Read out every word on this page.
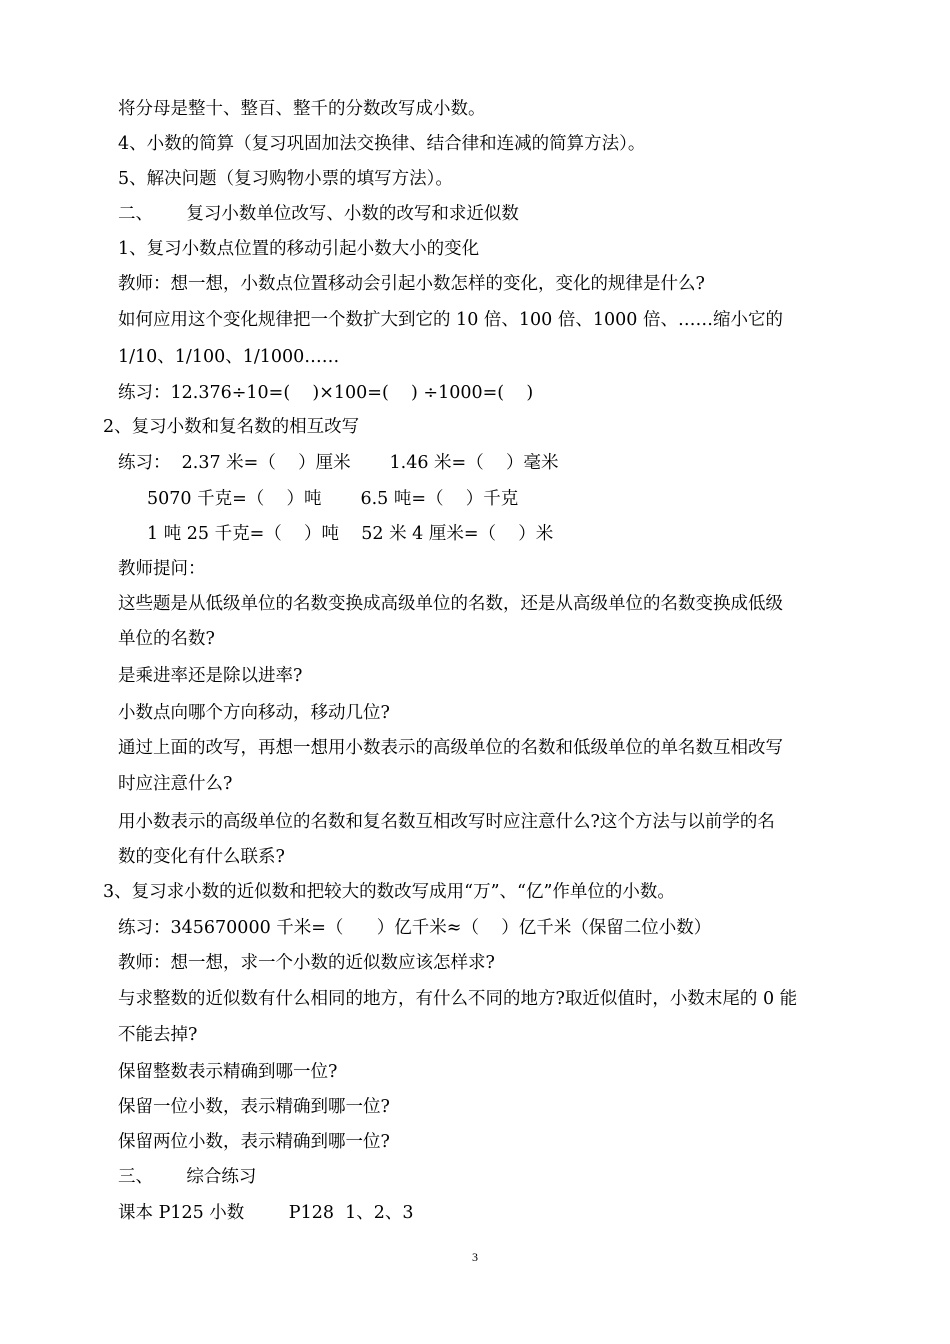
将分母是整十、整百、整千的分数改写成小数。
4、小数的简算（复习巩固加法交换律、结合律和连减的简算方法）。
5、解决问题（复习购物小票的填写方法）。
二、      复习小数单位改写、小数的改写和求近似数
1、复习小数点位置的移动引起小数大小的变化
教师：想一想，小数点位置移动会引起小数怎样的变化，变化的规律是什么?
如何应用这个变化规律把一个数扩大到它的 10 倍、100 倍、1000 倍、……缩小它的
1/10、1/100、1/1000……
练习：12.376÷10=(    )×100=(    ) ÷1000=(    )
2、复习小数和复名数的相互改写
练习：  2.37 米=（    ）厘米       1.46 米=（    ）毫米
5070 千克=（    ）吨       6.5 吨=（    ）千克
1 吨 25 千克=（    ）吨    52 米 4 厘米=（    ）米
教师提问：
这些题是从低级单位的名数变换成高级单位的名数，还是从高级单位的名数变换成低级
单位的名数?
是乘进率还是除以进率?
小数点向哪个方向移动，移动几位?
通过上面的改写，再想一想用小数表示的高级单位的名数和低级单位的单名数互相改写
时应注意什么?
用小数表示的高级单位的名数和复名数互相改写时应注意什么?这个方法与以前学的名
数的变化有什么联系?
3、复习求小数的近似数和把较大的数改写成用“万”、“亿”作单位的小数。
练习：345670000 千米=（      ）亿千米≈（    ）亿千米（保留二位小数）
教师：想一想，求一个小数的近似数应该怎样求?
与求整数的近似数有什么相同的地方，有什么不同的地方?取近似值时，小数末尾的 0 能
不能去掉?
保留整数表示精确到哪一位?
保留一位小数，表示精确到哪一位?
保留两位小数，表示精确到哪一位?
三、      综合练习
课本 P125 小数        P128  1、2、3
3
